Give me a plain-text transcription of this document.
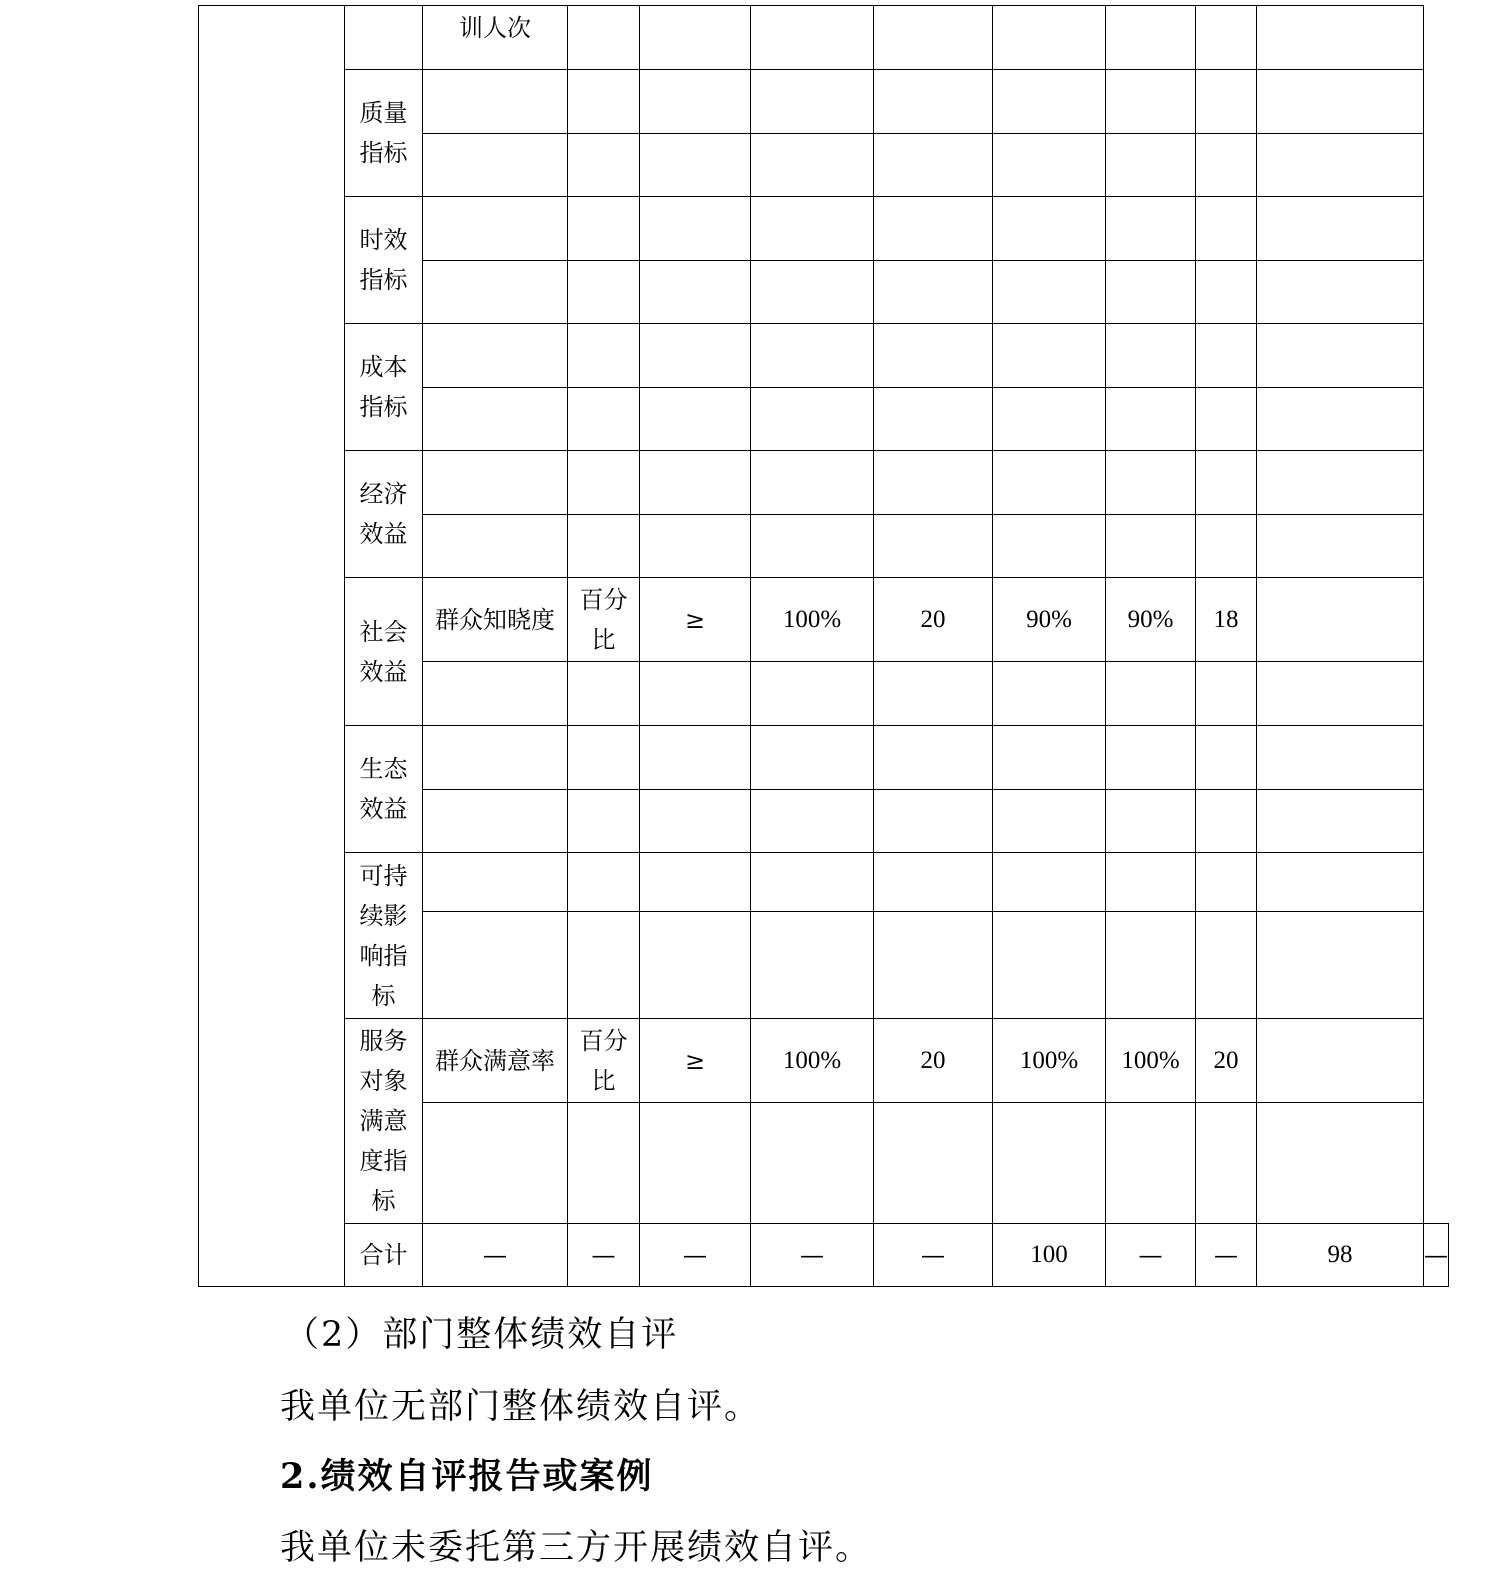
		训人次									

	质量指标										

	时效指标										

	成本指标										

	经济效益										

	社会效益	群众知晓度	百分比	≥	100%	20	90%	90%	18		

	生态效益										

	可持续影响指标										

	服务对象满意度指标	群众满意率	百分比	≥	100%	20	100%	100%	20		

	合计	—	—	—	—	—	100	—	—	98	—

（2）部门整体绩效自评

我单位无部门整体绩效自评。

2.绩效自评报告或案例

我单位未委托第三方开展绩效自评。
